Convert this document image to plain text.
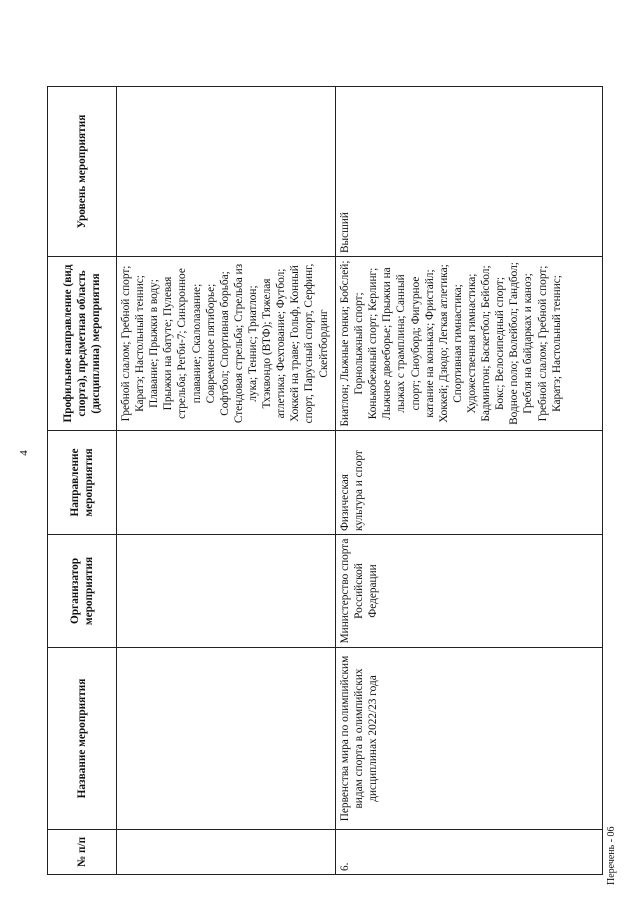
4
№ п/п	Название мероприятия	Организатор мероприятия	Направление мероприятия	Профильное направление (вид спорта), предметная область (дисциплина) мероприятия	Уровень мероприятия
				Гребной слалом; Гребной спорт; Каратэ; Настольный теннис; Плавание; Прыжки в воду; Прыжки на батуте; Пулевая стрельба; Регби-7; Синхронное плавание; Скалолазание; Современное пятиборье; Софтбол; Спортивная борьба; Стендовая стрельба; Стрельба из лука; Теннис; Триатлон; Тхэквондо (ВТФ); Тяжелая атлетика; Фехтование; Футбол; Хоккей на траве; Гольф, Конный спорт, Парусный спорт, Серфинг, Скейтбординг	
6.	Первенства мира по олимпийским видам спорта в олимпийских дисциплинах 2022/23 года	Министерство спорта Российской Федерации	Физическая культура и спорт	Биатлон; Лыжные гонки; Бобслей; Горнолыжный спорт; Конькобежный спорт; Керлинг; Лыжное двоеборье; Прыжки на лыжах с трамплина; Санный спорт; Сноуборд; Фигурное катание на коньках; Фристайл; Хоккей; Дзюдо; Легкая атлетика; Спортивная гимнастика; Художественная гимнастика; Бадминтон; Баскетбол; Бейсбол; Бокс; Велосипедный спорт; Водное поло; Волейбол; Гандбол; Гребля на байдарках и каноэ; Гребной слалом; Гребной спорт; Каратэ; Настольный теннис;	Высший
Перечень - 06
